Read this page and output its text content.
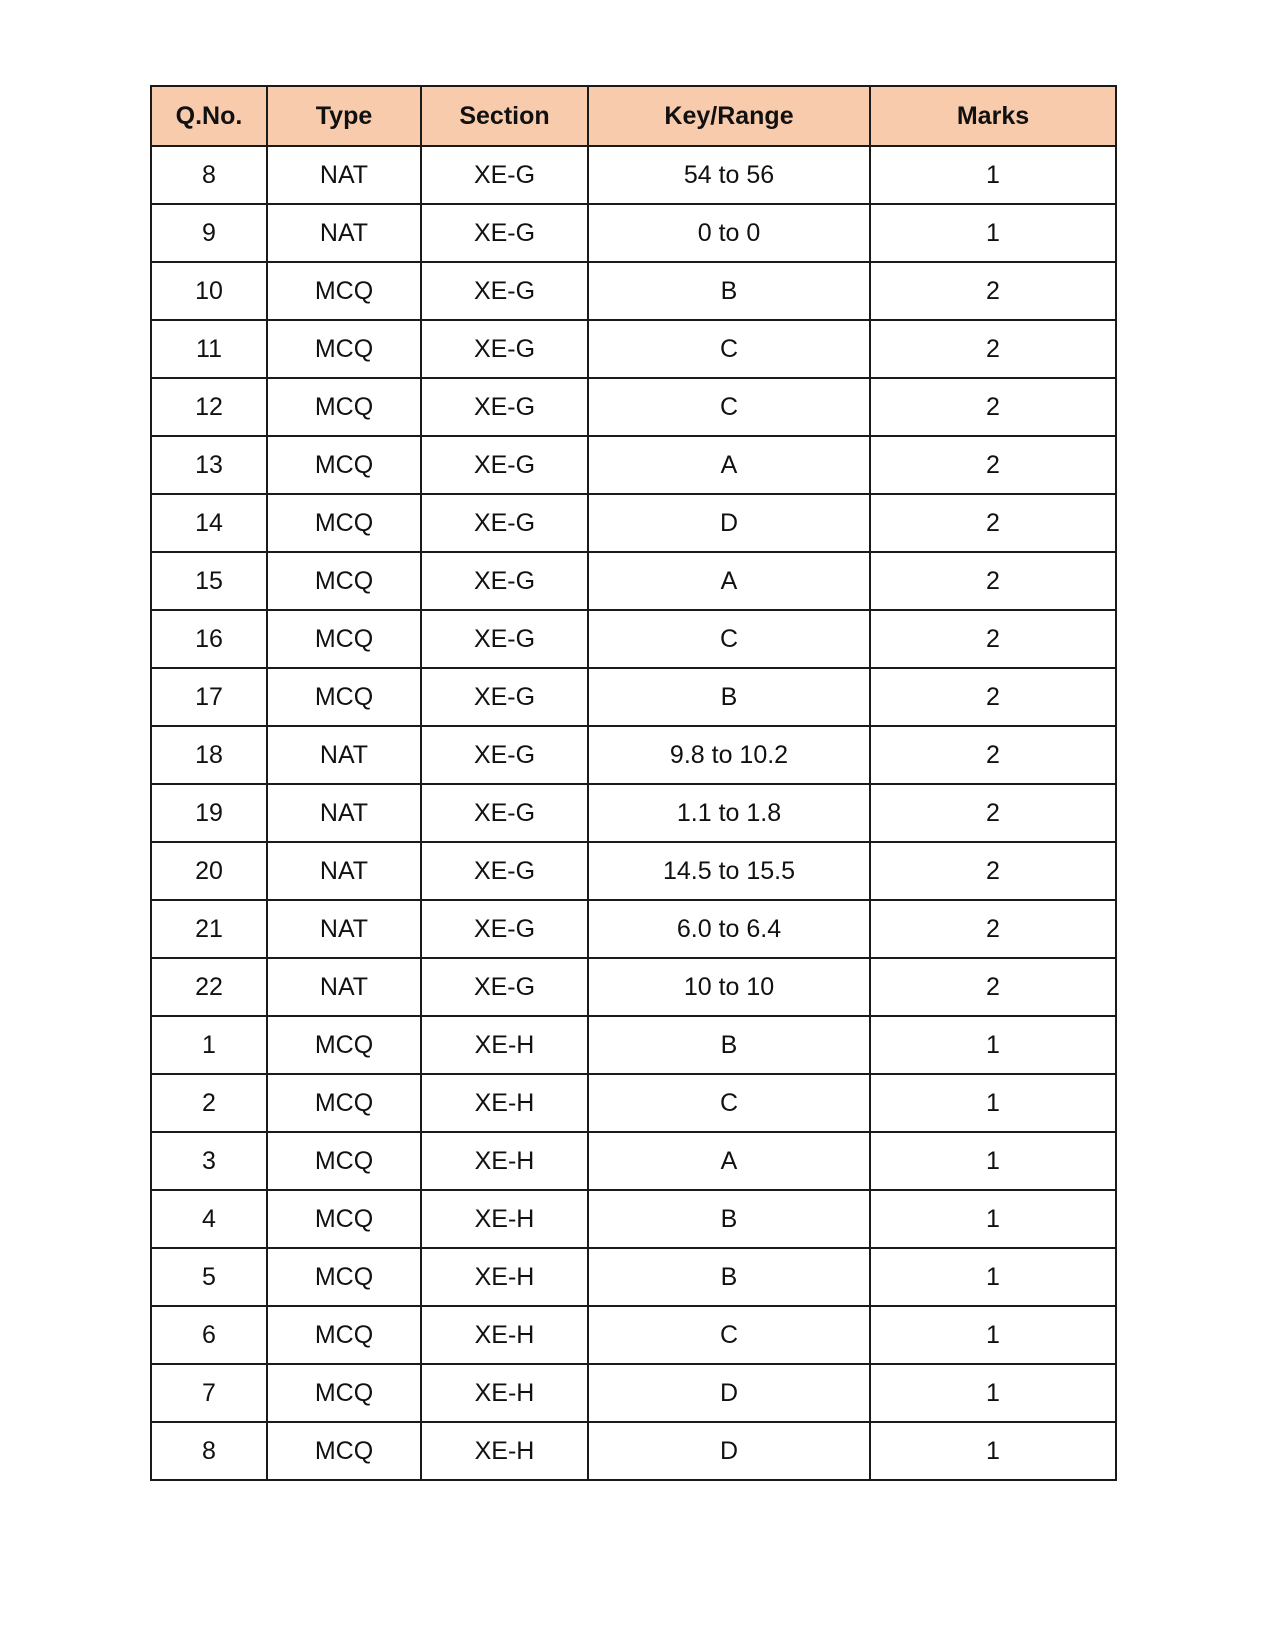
Q.No.	Type	Section	Key/Range	Marks
8	NAT	XE-G	54 to 56	1
9	NAT	XE-G	0 to 0	1
10	MCQ	XE-G	B	2
11	MCQ	XE-G	C	2
12	MCQ	XE-G	C	2
13	MCQ	XE-G	A	2
14	MCQ	XE-G	D	2
15	MCQ	XE-G	A	2
16	MCQ	XE-G	C	2
17	MCQ	XE-G	B	2
18	NAT	XE-G	9.8 to 10.2	2
19	NAT	XE-G	1.1 to 1.8	2
20	NAT	XE-G	14.5 to 15.5	2
21	NAT	XE-G	6.0 to 6.4	2
22	NAT	XE-G	10 to 10	2
1	MCQ	XE-H	B	1
2	MCQ	XE-H	C	1
3	MCQ	XE-H	A	1
4	MCQ	XE-H	B	1
5	MCQ	XE-H	B	1
6	MCQ	XE-H	C	1
7	MCQ	XE-H	D	1
8	MCQ	XE-H	D	1
